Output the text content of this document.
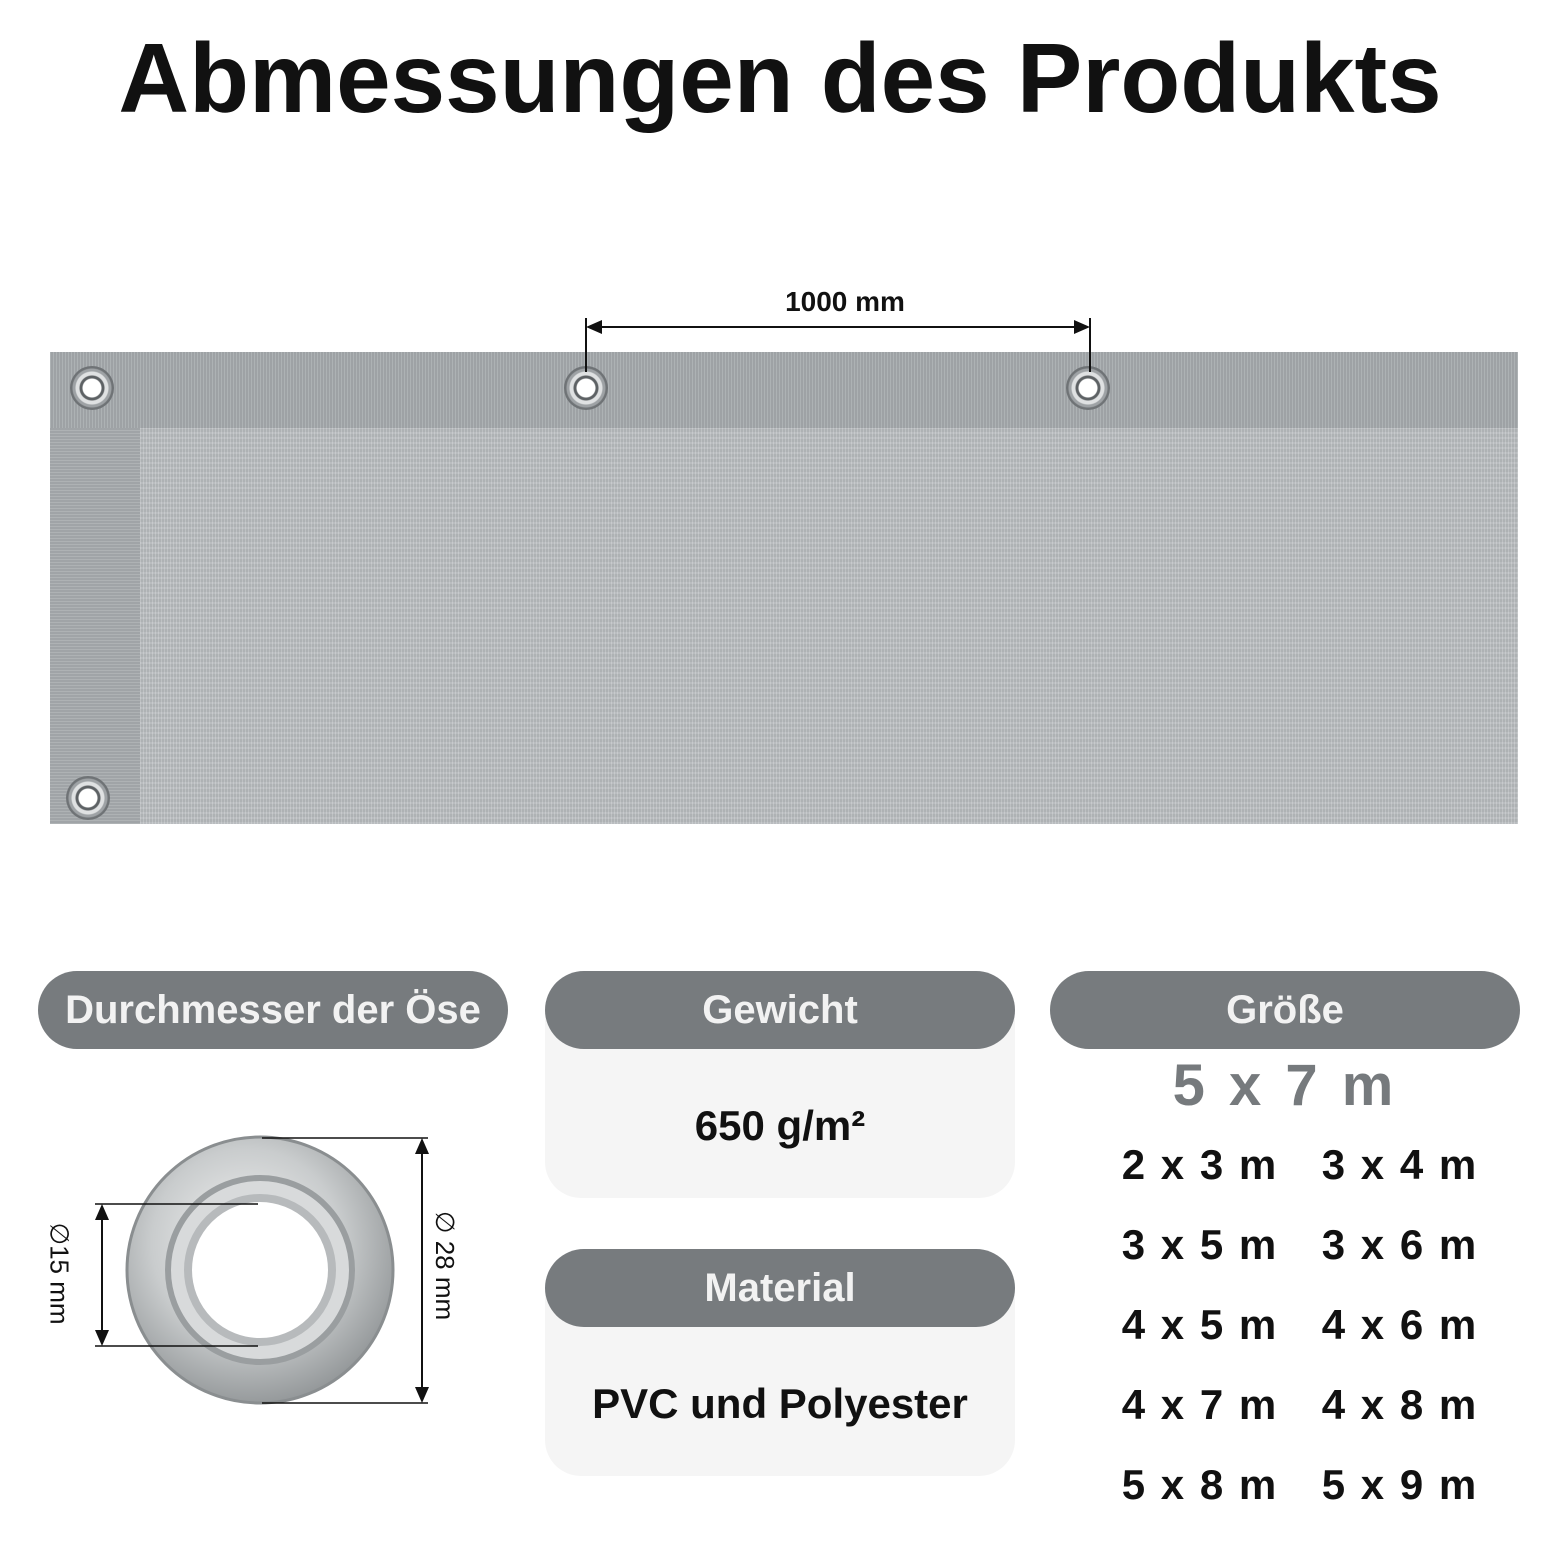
Abmessungen des Produkts
1000 mm
Durchmesser der Öse
∅15 mm	∅ 28 mm
650 g/m²
Gewicht
PVC und Polyester
Material
Größe
5 x 7 m
2 x 3 m	3 x 4 m
3 x 5 m	3 x 6 m
4 x 5 m	4 x 6 m
4 x 7 m	4 x 8 m
5 x 8 m	5 x 9 m
